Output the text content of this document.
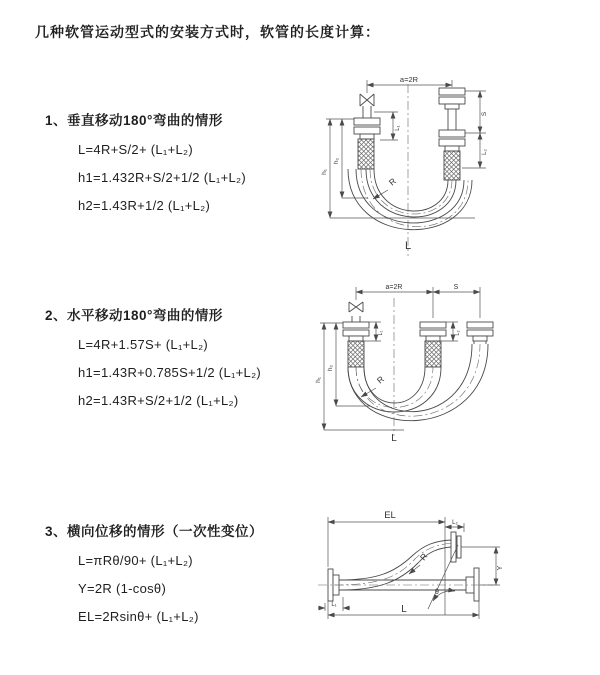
几种软管运动型式的安装方式时，软管的长度计算：
1、垂直移动180°弯曲的情形
L=4R+S/2+ (L₁+L₂)
h1=1.432R+S/2+1/2 (L₁+L₂)
h2=1.43R+1/2 (L₁+L₂)
2、水平移动180°弯曲的情形
L=4R+1.57S+ (L₁+L₂)
h1=1.43R+0.785S+1/2 (L₁+L₂)
h2=1.43R+S/2+1/2 (L₁+L₂)
3、横向位移的情形（一次性变位）
L=πRθ/90+ (L₁+L₂)
Y=2R (1-cosθ)
EL=2Rsinθ+ (L₁+L₂)
a=2R
R
h₁
h₂
L₁
S
L₂
L
a=2R	S
R
h₁
h₂
L₁	L₂
L
EL
L₂
Y
θ
R
L₁	L
